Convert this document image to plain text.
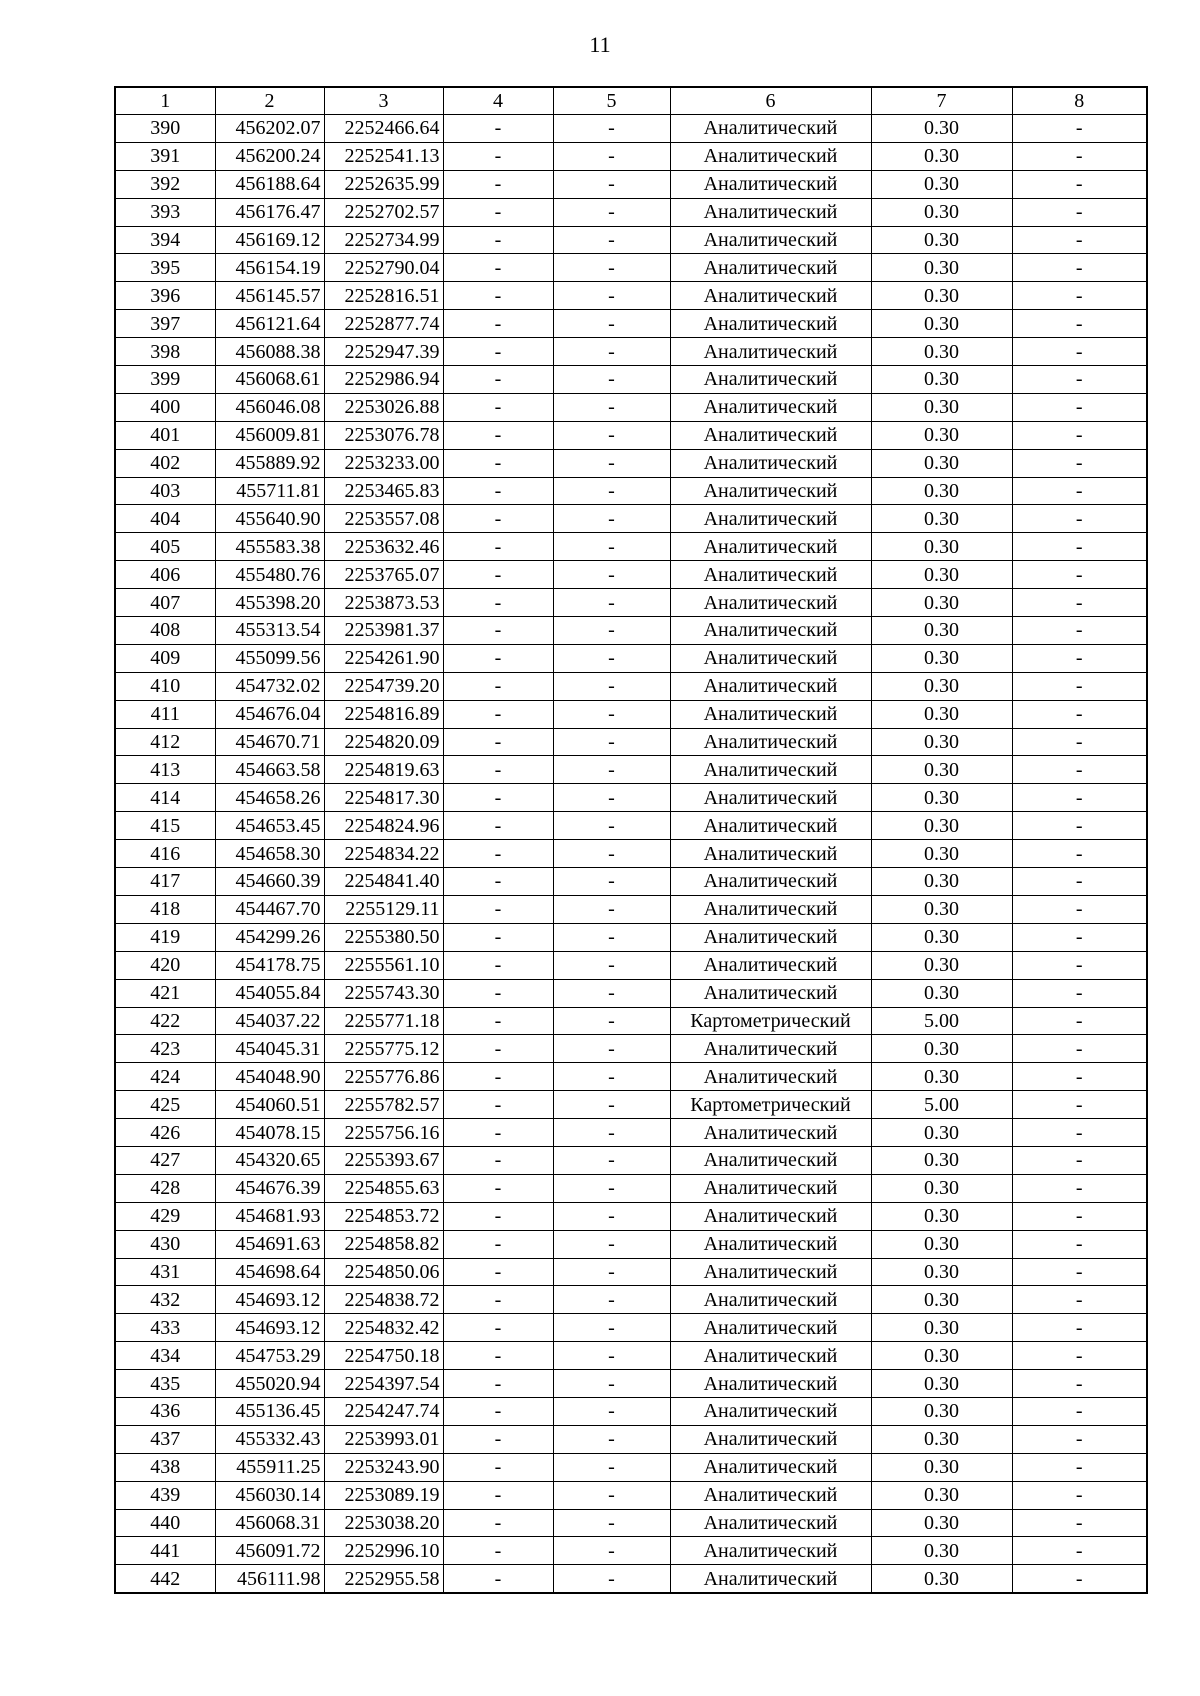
11
1	2	3	4	5	6	7	8
390	456202.07	2252466.64	-	-	Аналитический	0.30	-
391	456200.24	2252541.13	-	-	Аналитический	0.30	-
392	456188.64	2252635.99	-	-	Аналитический	0.30	-
393	456176.47	2252702.57	-	-	Аналитический	0.30	-
394	456169.12	2252734.99	-	-	Аналитический	0.30	-
395	456154.19	2252790.04	-	-	Аналитический	0.30	-
396	456145.57	2252816.51	-	-	Аналитический	0.30	-
397	456121.64	2252877.74	-	-	Аналитический	0.30	-
398	456088.38	2252947.39	-	-	Аналитический	0.30	-
399	456068.61	2252986.94	-	-	Аналитический	0.30	-
400	456046.08	2253026.88	-	-	Аналитический	0.30	-
401	456009.81	2253076.78	-	-	Аналитический	0.30	-
402	455889.92	2253233.00	-	-	Аналитический	0.30	-
403	455711.81	2253465.83	-	-	Аналитический	0.30	-
404	455640.90	2253557.08	-	-	Аналитический	0.30	-
405	455583.38	2253632.46	-	-	Аналитический	0.30	-
406	455480.76	2253765.07	-	-	Аналитический	0.30	-
407	455398.20	2253873.53	-	-	Аналитический	0.30	-
408	455313.54	2253981.37	-	-	Аналитический	0.30	-
409	455099.56	2254261.90	-	-	Аналитический	0.30	-
410	454732.02	2254739.20	-	-	Аналитический	0.30	-
411	454676.04	2254816.89	-	-	Аналитический	0.30	-
412	454670.71	2254820.09	-	-	Аналитический	0.30	-
413	454663.58	2254819.63	-	-	Аналитический	0.30	-
414	454658.26	2254817.30	-	-	Аналитический	0.30	-
415	454653.45	2254824.96	-	-	Аналитический	0.30	-
416	454658.30	2254834.22	-	-	Аналитический	0.30	-
417	454660.39	2254841.40	-	-	Аналитический	0.30	-
418	454467.70	2255129.11	-	-	Аналитический	0.30	-
419	454299.26	2255380.50	-	-	Аналитический	0.30	-
420	454178.75	2255561.10	-	-	Аналитический	0.30	-
421	454055.84	2255743.30	-	-	Аналитический	0.30	-
422	454037.22	2255771.18	-	-	Картометрический	5.00	-
423	454045.31	2255775.12	-	-	Аналитический	0.30	-
424	454048.90	2255776.86	-	-	Аналитический	0.30	-
425	454060.51	2255782.57	-	-	Картометрический	5.00	-
426	454078.15	2255756.16	-	-	Аналитический	0.30	-
427	454320.65	2255393.67	-	-	Аналитический	0.30	-
428	454676.39	2254855.63	-	-	Аналитический	0.30	-
429	454681.93	2254853.72	-	-	Аналитический	0.30	-
430	454691.63	2254858.82	-	-	Аналитический	0.30	-
431	454698.64	2254850.06	-	-	Аналитический	0.30	-
432	454693.12	2254838.72	-	-	Аналитический	0.30	-
433	454693.12	2254832.42	-	-	Аналитический	0.30	-
434	454753.29	2254750.18	-	-	Аналитический	0.30	-
435	455020.94	2254397.54	-	-	Аналитический	0.30	-
436	455136.45	2254247.74	-	-	Аналитический	0.30	-
437	455332.43	2253993.01	-	-	Аналитический	0.30	-
438	455911.25	2253243.90	-	-	Аналитический	0.30	-
439	456030.14	2253089.19	-	-	Аналитический	0.30	-
440	456068.31	2253038.20	-	-	Аналитический	0.30	-
441	456091.72	2252996.10	-	-	Аналитический	0.30	-
442	456111.98	2252955.58	-	-	Аналитический	0.30	-
